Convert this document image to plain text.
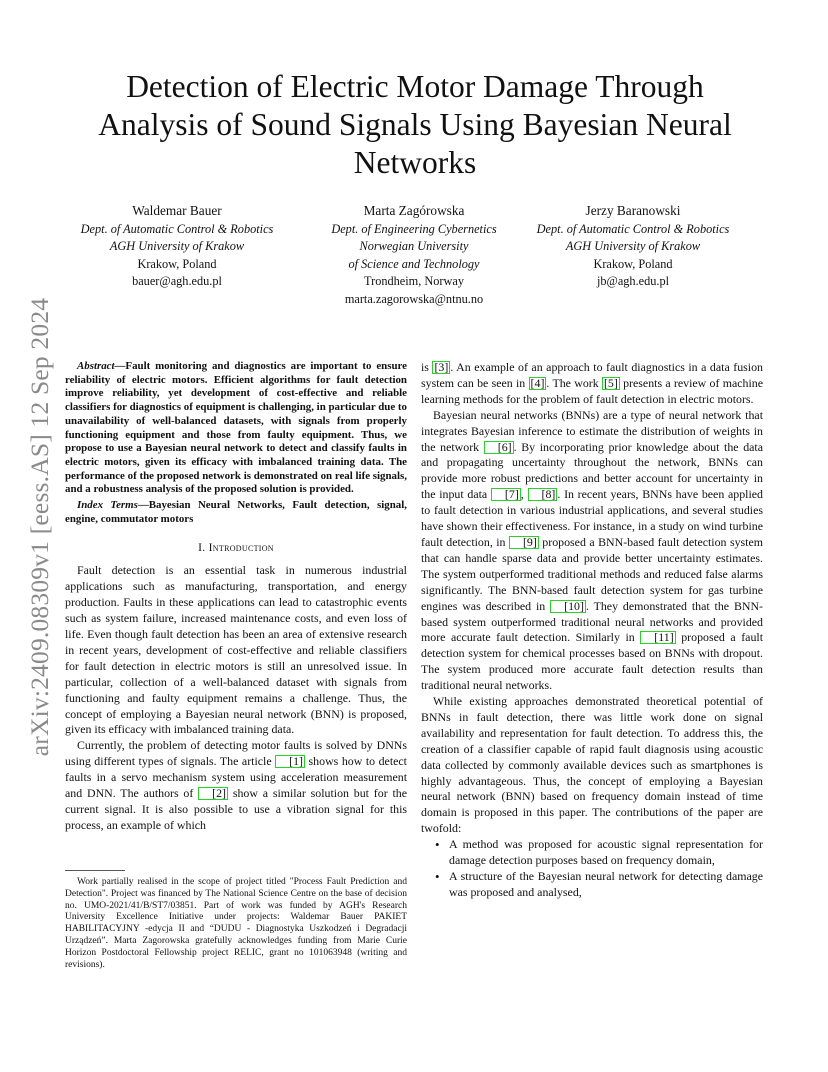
arXiv:2409.08309v1 [eess.AS] 12 Sep 2024
Detection of Electric Motor Damage Through Analysis of Sound Signals Using Bayesian Neural Networks
Waldemar Bauer
Dept. of Automatic Control & Robotics
AGH University of Krakow
Krakow, Poland
bauer@agh.edu.pl
Marta Zagórowska
Dept. of Engineering Cybernetics
Norwegian University
of Science and Technology
Trondheim, Norway
marta.zagorowska@ntnu.no
Jerzy Baranowski
Dept. of Automatic Control & Robotics
AGH University of Krakow
Krakow, Poland
jb@agh.edu.pl

Abstract—Fault monitoring and diagnostics are important to ensure reliability of electric motors. Efficient algorithms for fault detection improve reliability, yet development of cost-effective and reliable classifiers for diagnostics of equipment is challenging, in particular due to unavailability of well-balanced datasets, with signals from properly functioning equipment and those from faulty equipment. Thus, we propose to use a Bayesian neural network to detect and classify faults in electric motors, given its efficacy with imbalanced training data. The performance of the proposed network is demonstrated on real life signals, and a robustness analysis of the proposed solution is provided.

Index Terms—Bayesian Neural Networks, Fault detection, signal, engine, commutator motors

I. Introduction

Fault detection is an essential task in numerous industrial applications such as manufacturing, transportation, and energy production. Faults in these applications can lead to catastrophic events such as system failure, increased maintenance costs, and even loss of life. Even though fault detection has been an area of extensive research in recent years, development of cost-effective and reliable classifiers for fault detection in electric motors is still an unresolved issue. In particular, collection of a well-balanced dataset with signals from functioning and faulty equipment remains a challenge. Thus, the concept of employing a Bayesian neural network (BNN) is proposed, given its efficacy with imbalanced training data.

Currently, the problem of detecting motor faults is solved by DNNs using different types of signals. The article [1] shows how to detect faults in a servo mechanism system using acceleration measurement and DNN. The authors of [2] show a similar solution but for the current signal. It is also possible to use a vibration signal for this process, an example of which

Work partially realised in the scope of project titled "Process Fault Prediction and Detection". Project was financed by The National Science Centre on the base of decision no. UMO-2021/41/B/ST7/03851. Part of work was funded by AGH's Research University Excellence Initiative under projects: Waldemar Bauer PAKIET HABILITACYJNY -edycja II and “DUDU - Diagnostyka Uszkodzeń i Degradacji Urządzeń”. Marta Zagorowska gratefully acknowledges funding from Marie Curie Horizon Postdoctoral Fellowship project RELIC, grant no 101063948 (writing and revisions).

is [3] . An example of an approach to fault diagnostics in a data fusion system can be seen in [4] . The work [5] presents a review of machine learning methods for the problem of fault detection in electric motors.

Bayesian neural networks (BNNs) are a type of neural network that integrates Bayesian inference to estimate the distribution of weights in the network [6] . By incorporating prior knowledge about the data and propagating uncertainty throughout the network, BNNs can provide more robust predictions and better account for uncertainty in the input data [7] , [8] . In recent years, BNNs have been applied to fault detection in various industrial applications, and several studies have shown their effectiveness. For instance, in a study on wind turbine fault detection, in [9] proposed a BNN-based fault detection system that can handle sparse data and provide better uncertainty estimates. The system outperformed traditional methods and reduced false alarms significantly. The BNN-based fault detection system for gas turbine engines was described in [10] . They demonstrated that the BNN-based system outperformed traditional neural networks and provided more accurate fault detection. Similarly in [11] proposed a fault detection system for chemical processes based on BNNs with dropout. The system produced more accurate fault detection results than traditional neural networks.

While existing approaches demonstrated theoretical potential of BNNs in fault detection, there was little work done on signal availability and representation for fault detection. To address this, the creation of a classifier capable of rapid fault diagnosis using acoustic data collected by commonly available devices such as smartphones is highly advantageous. Thus, the concept of employing a Bayesian neural network (BNN) based on frequency domain instead of time domain is proposed in this paper. The contributions of the paper are twofold:

• A method was proposed for acoustic signal representation for damage detection purposes based on frequency domain,

• A structure of the Bayesian neural network for detecting damage was proposed and analysed,
